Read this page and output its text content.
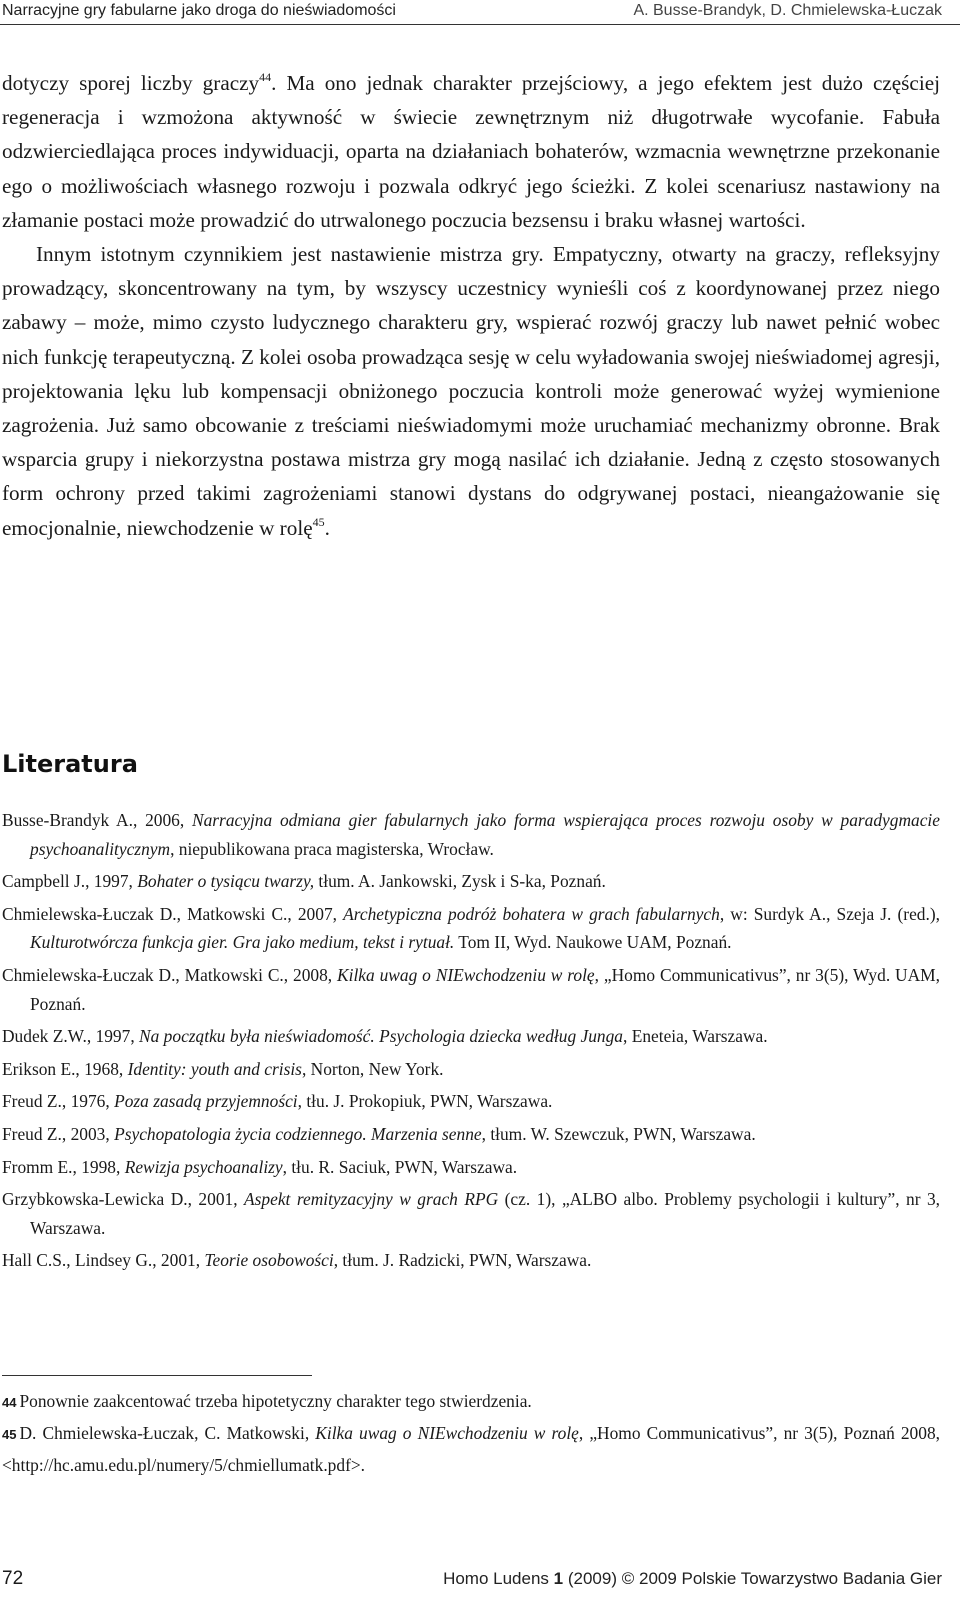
Narracyjne gry fabularne jako droga do nieświadomości	A. Busse-Brandyk, D. Chmielewska-Łuczak

dotyczy sporej liczby graczy$^{44}$. Ma ono jednak charakter przejściowy, a jego efektem jest dużo częściej regeneracja i wzmożona aktywność w świecie zewnętrznym niż długotrwałe wycofanie. Fabuła odzwierciedlająca proces indywiduacji, oparta na działaniach bohaterów, wzmacnia wewnętrzne przekonanie ego o możliwościach własnego rozwoju i pozwala odkryć jego ścieżki. Z kolei scenariusz nastawiony na złamanie postaci może prowadzić do utrwalonego poczucia bezsensu i braku własnej wartości.

Innym istotnym czynnikiem jest nastawienie mistrza gry. Empatyczny, otwarty na graczy, refleksyjny prowadzący, skoncentrowany na tym, by wszyscy uczestnicy wynieśli coś z koordynowanej przez niego zabawy – może, mimo czysto ludycznego charakteru gry, wspierać rozwój graczy lub nawet pełnić wobec nich funkcję terapeutyczną. Z kolei osoba prowadząca sesję w celu wyładowania swojej nieświadomej agresji, projektowania lęku lub kompensacji obniżonego poczucia kontroli może generować wyżej wymienione zagrożenia. Już samo obcowanie z treściami nieświadomymi może uruchamiać mechanizmy obronne. Brak wsparcia grupy i niekorzystna postawa mistrza gry mogą nasilać ich działanie. Jedną z często stosowanych form ochrony przed takimi zagrożeniami stanowi dystans do odgrywanej postaci, nieangażowanie się emocjonalnie, niewchodzenie w rolę$^{45}$.

Literatura
Busse-Brandyk A., 2006, Narracyjna odmiana gier fabularnych jako forma wspierająca proces rozwoju osoby w paradygmacie psychoanalitycznym, niepublikowana praca magisterska, Wrocław.
Campbell J., 1997, Bohater o tysiącu twarzy, tłum. A. Jankowski, Zysk i S-ka, Poznań.
Chmielewska-Łuczak D., Matkowski C., 2007, Archetypiczna podróż bohatera w grach fabularnych, w: Surdyk A., Szeja J. (red.), Kulturotwórcza funkcja gier. Gra jako medium, tekst i rytuał. Tom II, Wyd. Naukowe UAM, Poznań.
Chmielewska-Łuczak D., Matkowski C., 2008, Kilka uwag o NIEwchodzeniu w rolę, „Homo Communicativus”, nr 3(5), Wyd. UAM, Poznań.
Dudek Z.W., 1997, Na początku była nieświadomość. Psychologia dziecka według Junga, Eneteia, Warszawa.
Erikson E., 1968, Identity: youth and crisis, Norton, New York.
Freud Z., 1976, Poza zasadą przyjemności, tłu. J. Prokopiuk, PWN, Warszawa.
Freud Z., 2003, Psychopatologia życia codziennego. Marzenia senne, tłum. W. Szewczuk, PWN, Warszawa.
Fromm E., 1998, Rewizja psychoanalizy, tłu. R. Saciuk, PWN, Warszawa.
Grzybkowska-Lewicka D., 2001, Aspekt remityzacyjny w grach RPG (cz. 1), „ALBO albo. Problemy psychologii i kultury”, nr 3, Warszawa.
Hall C.S., Lindsey G., 2001, Teorie osobowości, tłum. J. Radzicki, PWN, Warszawa.

44 Ponownie zaakcentować trzeba hipotetyczny charakter tego stwierdzenia.

45 D. Chmielewska-Łuczak, C. Matkowski, Kilka uwag o NIEwchodzeniu w rolę, „Homo Communicativus”, nr 3(5), Poznań 2008, <http://hc.amu.edu.pl/numery/5/chmiellumatk.pdf>.

72	Homo Ludens 1 (2009) © 2009 Polskie Towarzystwo Badania Gier
